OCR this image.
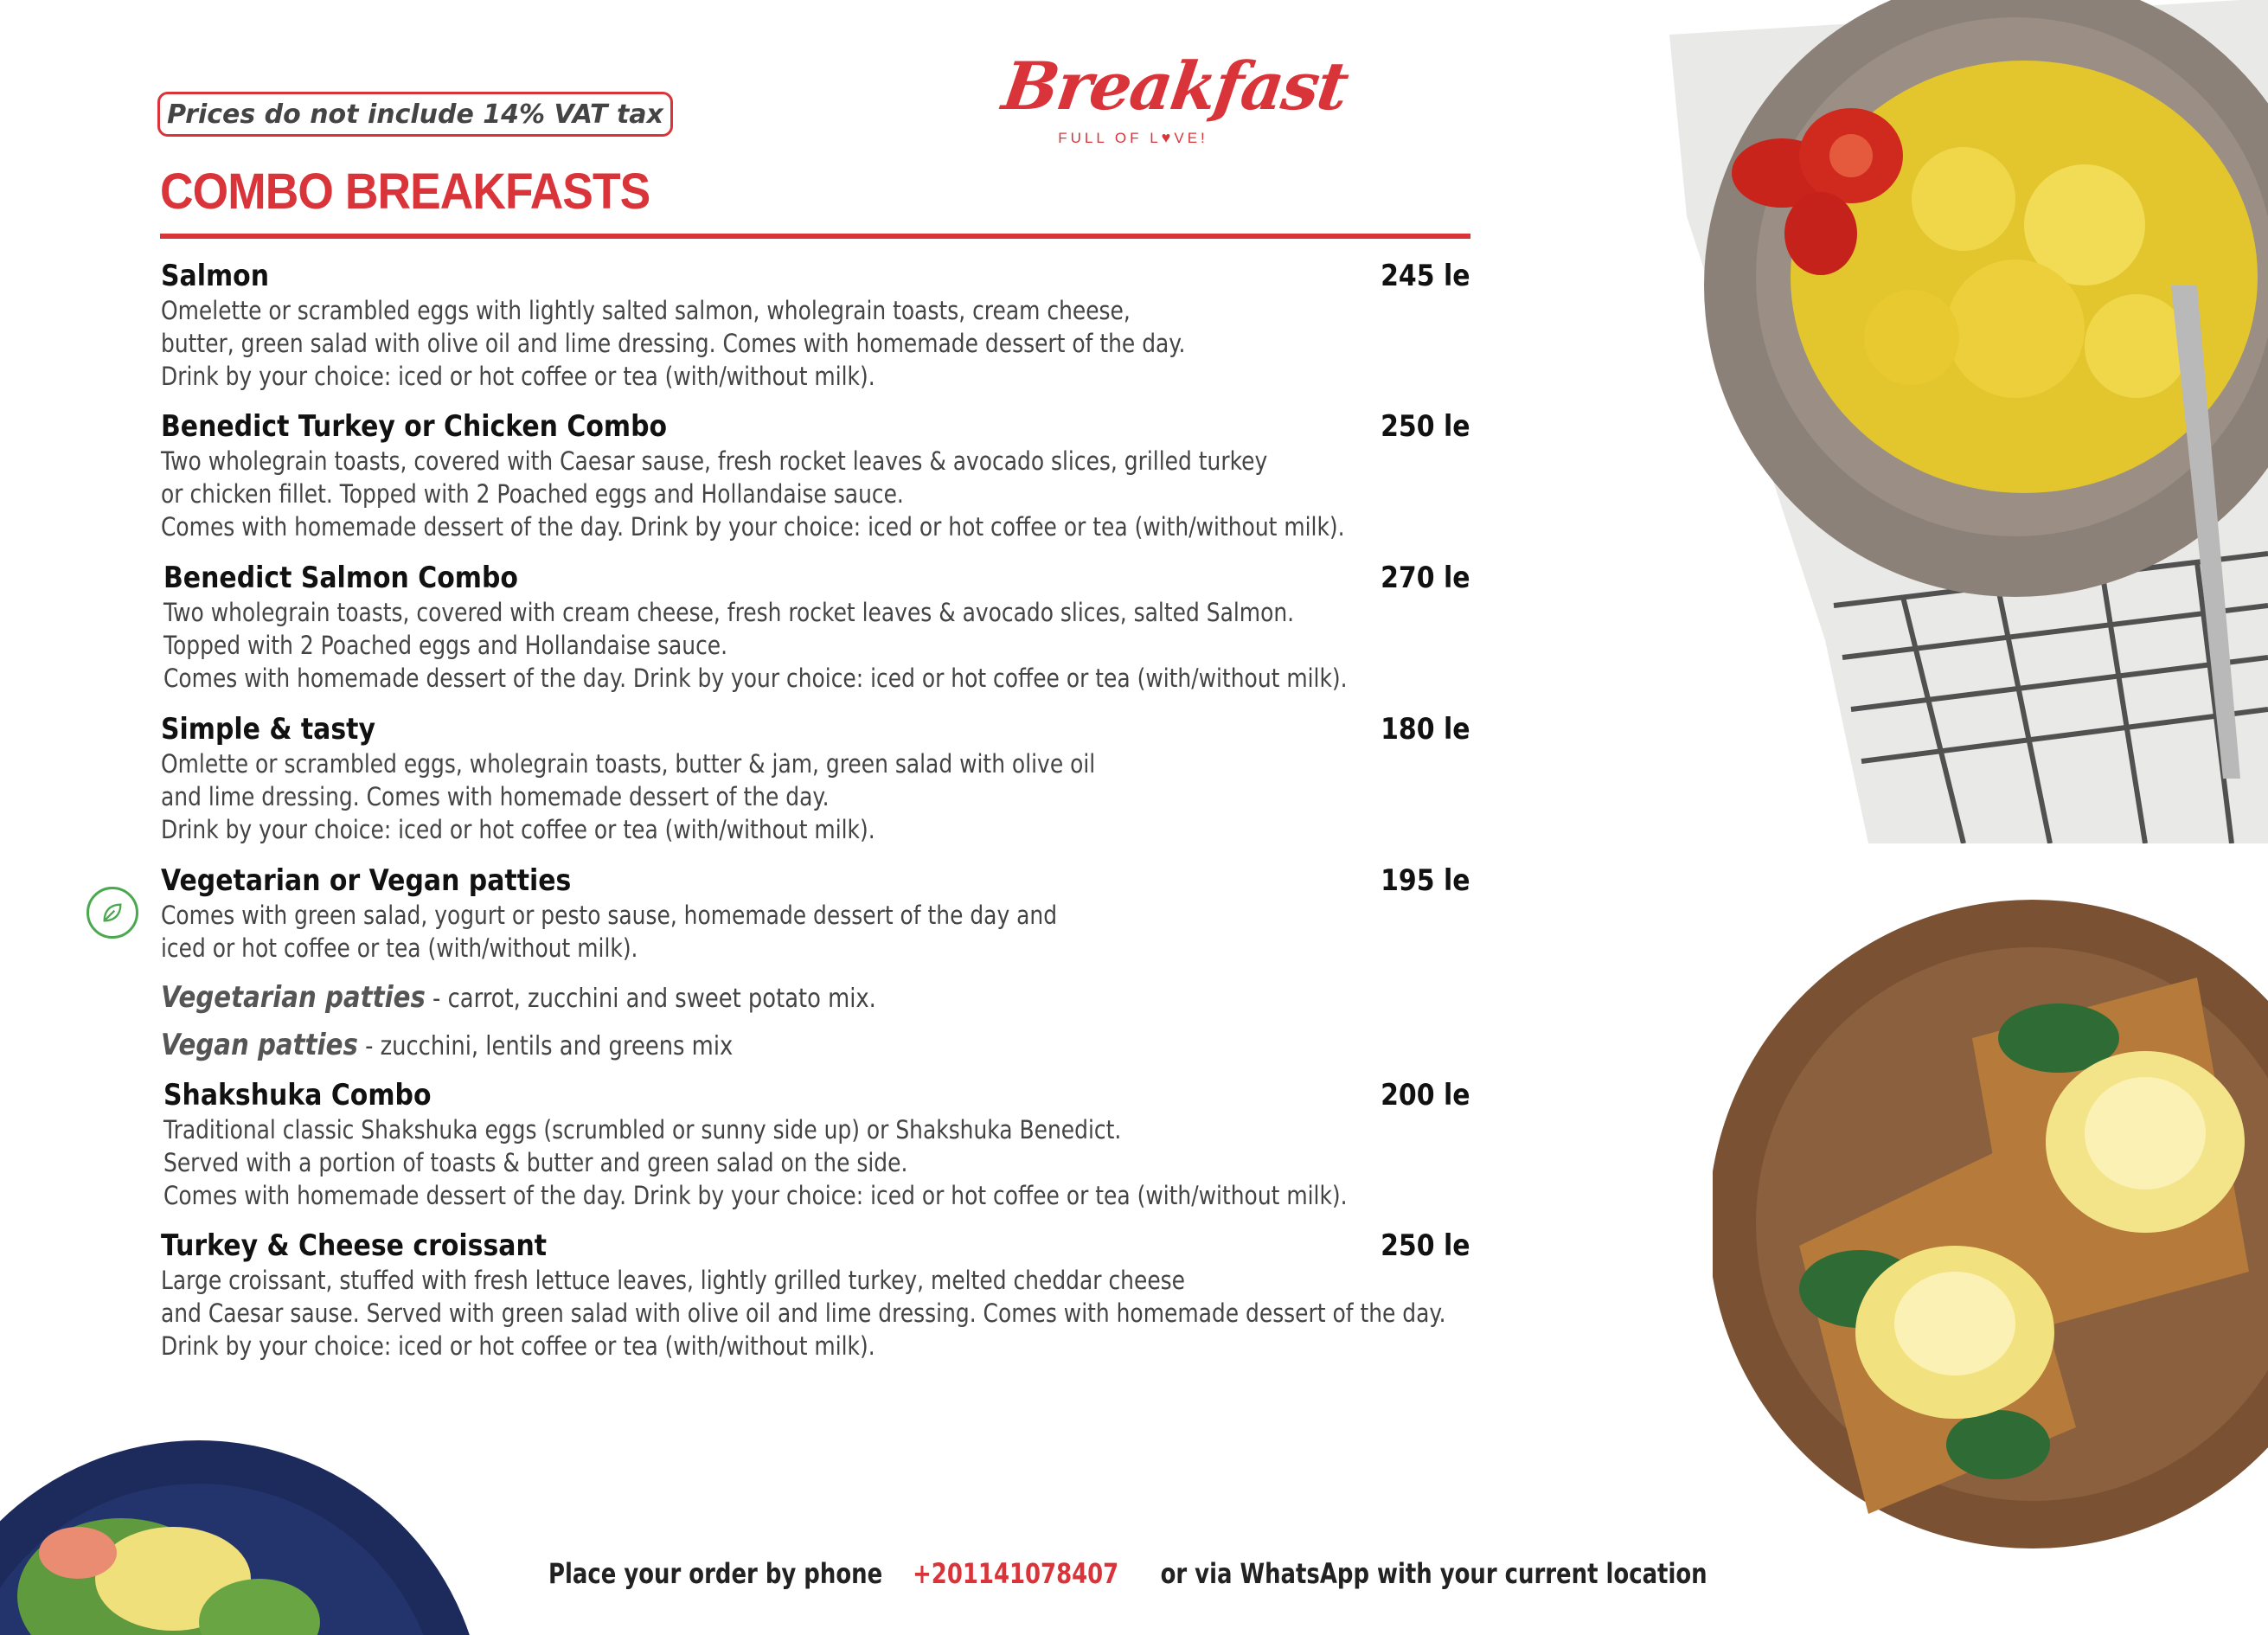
Prices do not include 14% VAT tax	Breakfast
FULL OF L♥VE!
COMBO BREAKFASTS
Salmon	245 le
Omelette or scrambled eggs with lightly salted salmon, wholegrain toasts, cream cheese,
butter, green salad with olive oil and lime dressing. Comes with homemade dessert of the day.
Drink by your choice: iced or hot coffee or tea (with/without milk).
Benedict Turkey or Chicken Combo	250 le
Two wholegrain toasts, covered with Caesar sause, fresh rocket leaves & avocado slices, grilled turkey
or chicken fillet. Topped with 2 Poached eggs and Hollandaise sauce.
Comes with homemade dessert of the day. Drink by your choice: iced or hot coffee or tea (with/without milk).
Benedict Salmon Combo	270 le
Two wholegrain toasts, covered with cream cheese, fresh rocket leaves & avocado slices, salted Salmon.
Topped with 2 Poached eggs and Hollandaise sauce.
Comes with homemade dessert of the day. Drink by your choice: iced or hot coffee or tea (with/without milk).
Simple & tasty	180 le
Omlette or scrambled eggs, wholegrain toasts, butter & jam, green salad with olive oil
and lime dressing. Comes with homemade dessert of the day.
Drink by your choice: iced or hot coffee or tea (with/without milk).
Vegetarian or Vegan patties	195 le
Comes with green salad, yogurt or pesto sause, homemade dessert of the day and
iced or hot coffee or tea (with/without milk).
Vegetarian patties - carrot, zucchini and sweet potato mix.
Vegan patties - zucchini, lentils and greens mix
Shakshuka Combo	200 le
Traditional classic Shakshuka eggs (scrumbled or sunny side up) or Shakshuka Benedict.
Served with a portion of toasts & butter and green salad on the side.
Comes with homemade dessert of the day. Drink by your choice: iced or hot coffee or tea (with/without milk).
Turkey & Cheese croissant	250 le
Large croissant, stuffed with fresh lettuce leaves, lightly grilled turkey, melted cheddar cheese
and Caesar sause. Served with green salad with olive oil and lime dressing. Comes with homemade dessert of the day.
Drink by your choice: iced or hot coffee or tea (with/without milk).
Place your order by phone+201141078407or via WhatsApp with your current location
